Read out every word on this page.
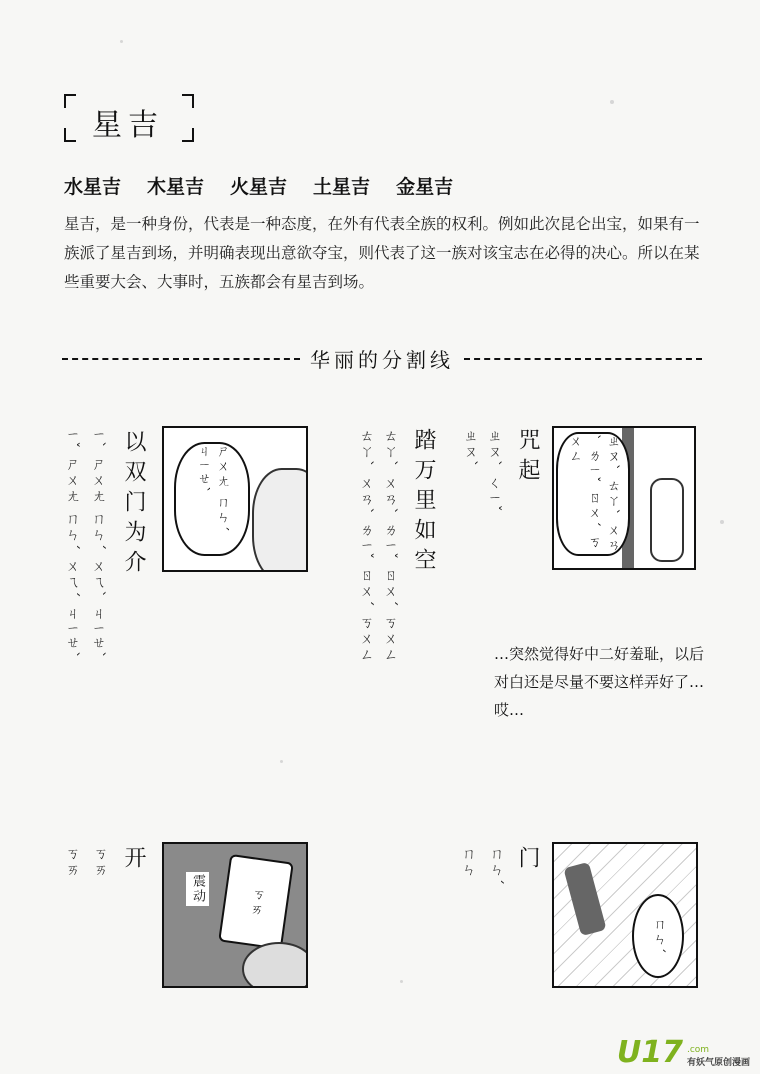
星吉
水星吉 木星吉 火星吉 土星吉 金星吉
星吉，是一种身份，代表是一种态度，在外有代表全族的权利。例如此次昆仑出宝，如果有一族派了星吉到场，并明确表现出意欲夺宝，则代表了这一族对该宝志在必得的决心。所以在某些重要大会、大事时，五族都会有星吉到场。
华丽的分割线
ㄧˇ ㄕㄨㄤ ㄇㄣˊ ㄨㄟˊ ㄐㄧㄝˋ ㄧˋ ㄕㄨㄤ ㄇㄣˊ ㄨㄟˋ ㄐㄧㄝˋ 以双门为介	ㄕㄨㄤ ㄇㄣˊ ㄐㄧㄝˋ	ㄊㄚˋ ㄨㄢˋ ㄌㄧˇ ㄖㄨˊ ㄎㄨㄥ ㄊㄚˋ ㄨㄢˋ ㄌㄧˇ ㄖㄨˊ ㄎㄨㄥ 踏万里如空 ㄓㄡˋ ㄓㄡˋ ㄑㄧˇ 咒起	ㄓㄡˋ ㄊㄚˋ ㄨㄢˋ ㄌㄧˇ ㄖㄨˊ ㄎㄨㄥ
…突然觉得好中二好羞耻，以后对白还是尽量不要这样弄好了…哎…
ㄎㄞ ㄎㄞ 开
震动	ㄎㄞ
ㄇㄣ ㄇㄣˊ 门
ㄇㄣˊ
U17 .com
有妖气原创漫画
